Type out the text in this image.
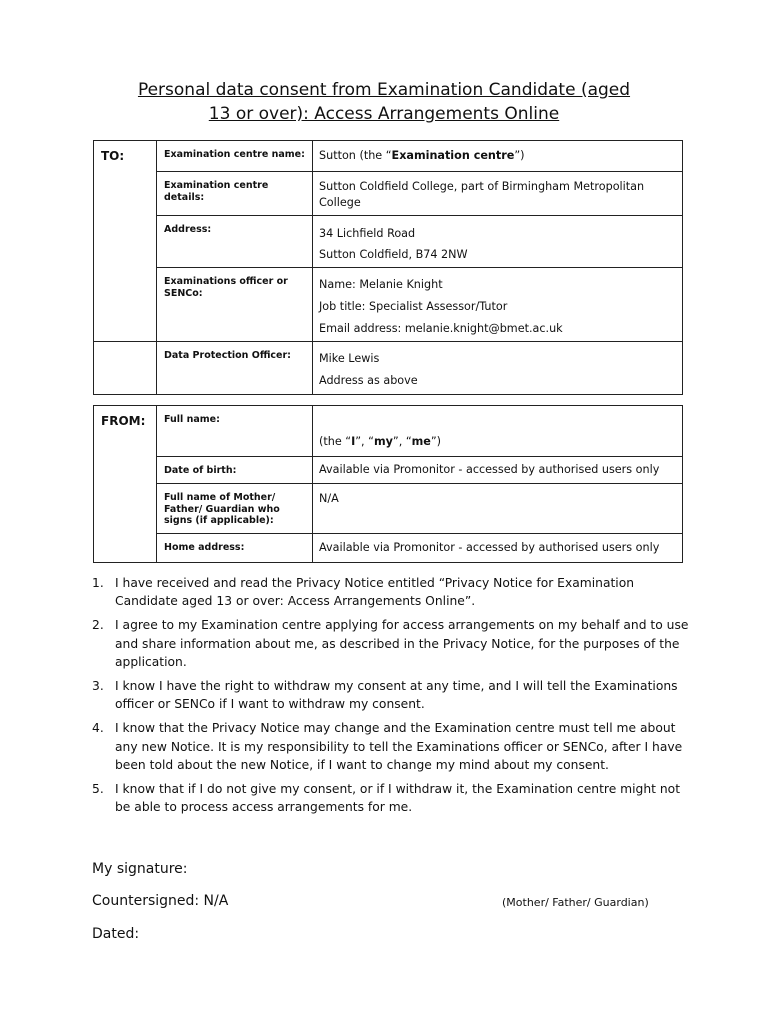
Personal data consent from Examination Candidate (aged
13 or over): Access Arrangements Online
TO:	Examination centre name:	Sutton (the “Examination centre”)

	Examination centre details:	Sutton Coldfield College, part of Birmingham Metropolitan College

	Address:	34 Lichfield Road
Sutton Coldfield, B74 2NW

	Examinations officer or SENCo:	Name: Melanie Knight
Job title: Specialist Assessor/Tutor
Email address: melanie.knight@bmet.ac.uk

	Data Protection Officer:	Mike Lewis
Address as above
FROM:	Full name:	(the “I”, “my”, “me”)

	Date of birth:	Available via Promonitor - accessed by authorised users only

	Full name of Mother/ Father/ Guardian who signs (if applicable):	N/A

	Home address:	Available via Promonitor - accessed by authorised users only
1. I have received and read the Privacy Notice entitled “Privacy Notice for Examination Candidate aged 13 or over: Access Arrangements Online”.
2. I agree to my Examination centre applying for access arrangements on my behalf and to use and share information about me, as described in the Privacy Notice, for the purposes of the application.
3. I know I have the right to withdraw my consent at any time, and I will tell the Examinations officer or SENCo if I want to withdraw my consent.
4. I know that the Privacy Notice may change and the Examination centre must tell me about any new Notice. It is my responsibility to tell the Examinations officer or SENCo, after I have been told about the new Notice, if I want to change my mind about my consent.
5. I know that if I do not give my consent, or if I withdraw it, the Examination centre might not be able to process access arrangements for me.
My signature:
Countersigned: N/A	(Mother/ Father/ Guardian)
Dated:
